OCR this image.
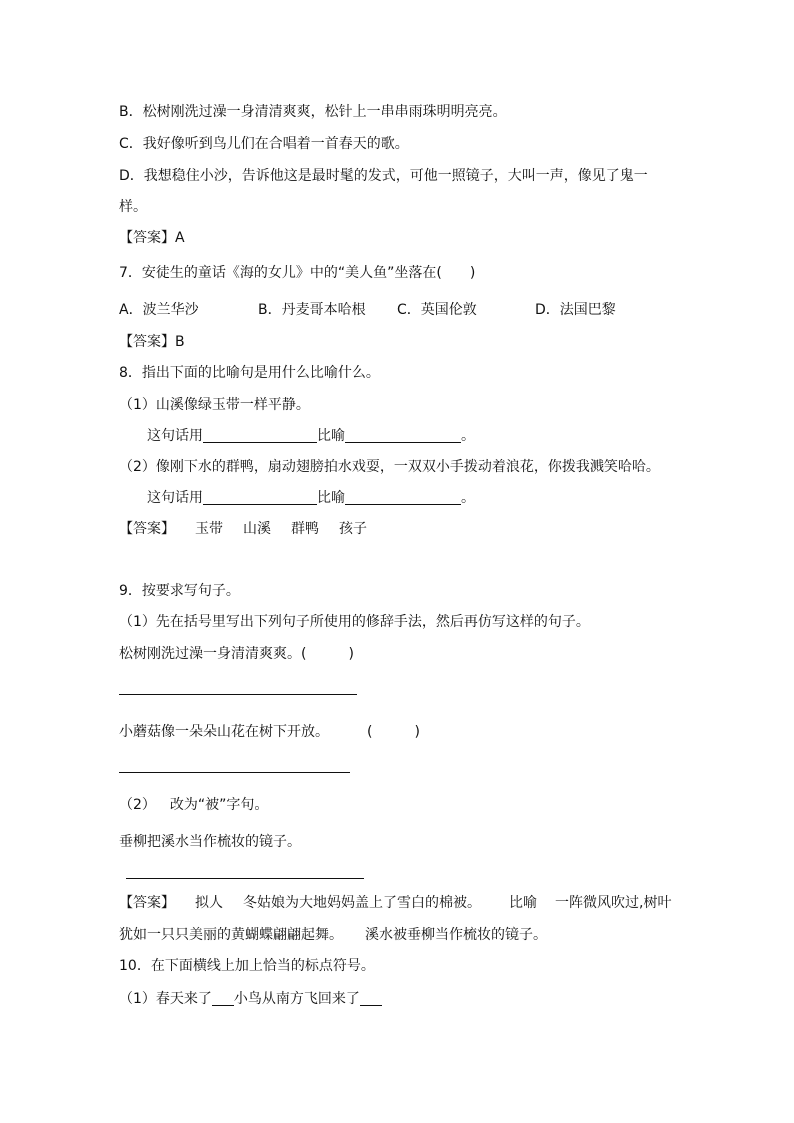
B．松树刚洗过澡一身清清爽爽，松针上一串串雨珠明明亮亮。
C．我好像听到鸟儿们在合唱着一首春天的歌。
D．我想稳住小沙，告诉他这是最时髦的发式，可他一照镜子，大叫一声，像见了鬼一
样。
【答案】A
7．安徒生的童话《海的女儿》中的“美人鱼”坐落在(　　)
A．波兰华沙	B．丹麦哥本哈根 C．英国伦敦	D．法国巴黎
【答案】B
8．指出下面的比喻句是用什么比喻什么。
（1）山溪像绿玉带一样平静。
这句话用	比喻	。
（2）像刚下水的群鸭，扇动翅膀拍水戏耍，一双双小手拨动着浪花，你拨我溅笑哈哈。
这句话用	比喻	。
【答案】 玉带 山溪 群鸭 孩子
9．按要求写句子。
（1）先在括号里写出下列句子所使用的修辞手法，然后再仿写这样的句子。
松树刚洗过澡一身清清爽爽。(　　　)
小蘑菇像一朵朵山花在树下开放。	(　　　)
（2） 改为“被”字句。
垂柳把溪水当作梳妆的镜子。
【答案】 拟人 冬姑娘为大地妈妈盖上了雪白的棉被。 比喻 一阵微风吹过,树叶
犹如一只只美丽的黄蝴蝶翩翩起舞。 溪水被垂柳当作梳妆的镜子。
10．在下面横线上加上恰当的标点符号。
（1）春天来了 小鸟从南方飞回来了
